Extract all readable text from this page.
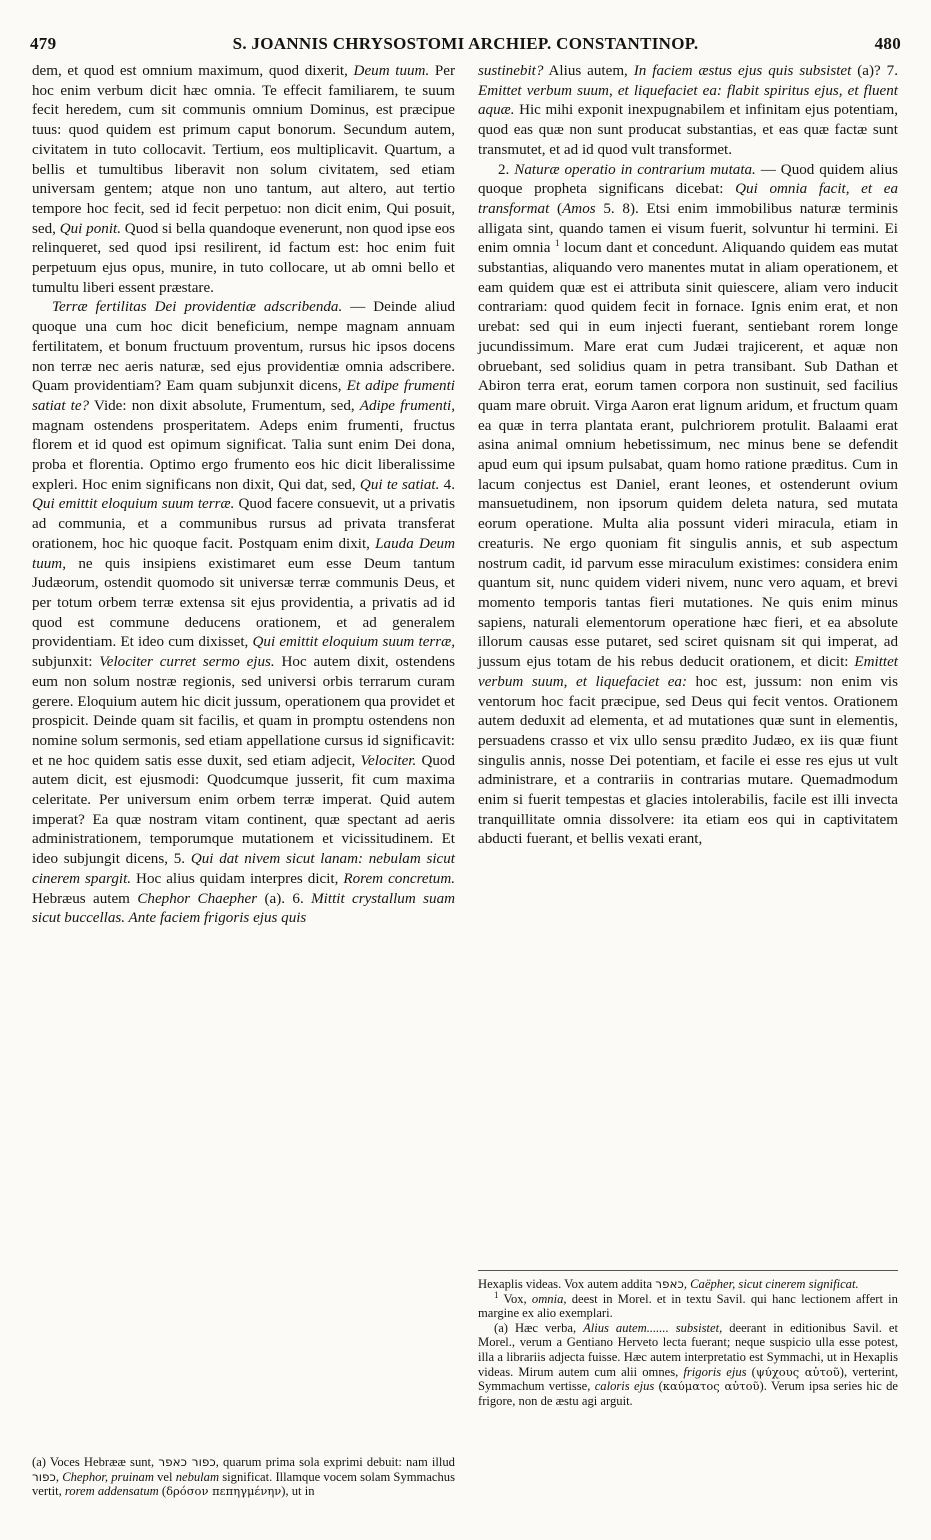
479	S. JOANNIS CHRYSOSTOMI ARCHIEP. CONSTANTINOP.	480

dem, et quod est omnium maximum, quod dixerit, Deum tuum. Per hoc enim verbum dicit hæc omnia. Te effecit familiarem, te suum fecit heredem, cum sit communis omnium Dominus, est præcipue tuus: quod quidem est primum caput bonorum. Secundum autem, civitatem in tuto collocavit. Tertium, eos multiplicavit. Quartum, a bellis et tumultibus liberavit non solum civitatem, sed etiam universam gentem; atque non uno tantum, aut altero, aut tertio tempore hoc fecit, sed id fecit perpetuo: non dicit enim, Qui posuit, sed, Qui ponit. Quod si bella quandoque evenerunt, non quod ipse eos relinqueret, sed quod ipsi resilirent, id factum est: hoc enim fuit perpetuum ejus opus, munire, in tuto collocare, ut ab omni bello et tumultu liberi essent præstare.

Terræ fertilitas Dei providentiæ adscribenda. — Deinde aliud quoque una cum hoc dicit beneficium, nempe magnam annuam fertilitatem, et bonum fructuum proventum, rursus hic ipsos docens non terræ nec aeris naturæ, sed ejus providentiæ omnia adscribere. Quam providentiam? Eam quam subjunxit dicens, Et adipe frumenti satiat te? Vide: non dixit absolute, Frumentum, sed, Adipe frumenti, magnam ostendens prosperitatem. Adeps enim frumenti, fructus florem et id quod est opimum significat. Talia sunt enim Dei dona, proba et florentia. Optimo ergo frumento eos hic dicit liberalissime expleri. Hoc enim significans non dixit, Qui dat, sed, Qui te satiat. 4. Qui emittit eloquium suum terræ. Quod facere consuevit, ut a privatis ad communia, et a communibus rursus ad privata transferat orationem, hoc hic quoque facit. Postquam enim dixit, Lauda Deum tuum, ne quis insipiens existimaret eum esse Deum tantum Judæorum, ostendit quomodo sit universæ terræ communis Deus, et per totum orbem terræ extensa sit ejus providentia, a privatis ad id quod est commune deducens orationem, et ad generalem providentiam. Et ideo cum dixisset, Qui emittit eloquium suum terræ, subjunxit: Velociter curret sermo ejus. Hoc autem dixit, ostendens eum non solum nostræ regionis, sed universi orbis terrarum curam gerere. Eloquium autem hic dicit jussum, operationem qua providet et prospicit. Deinde quam sit facilis, et quam in promptu ostendens non nomine solum sermonis, sed etiam appellatione cursus id significavit: et ne hoc quidem satis esse duxit, sed etiam adjecit, Velociter. Quod autem dicit, est ejusmodi: Quodcumque jusserit, fit cum maxima celeritate. Per universum enim orbem terræ imperat. Quid autem imperat? Ea quæ nostram vitam continent, quæ spectant ad aeris administrationem, temporumque mutationem et vicissitudinem. Et ideo subjungit dicens, 5. Qui dat nivem sicut lanam: nebulam sicut cinerem spargit. Hoc alius quidam interpres dicit, Rorem concretum. Hebræus autem Chephor Chaepher (a). 6. Mittit crystallum suam sicut buccellas. Ante faciem frigoris ejus quis

(a) Voces Hebrææ sunt, כפור כאפר, quarum prima sola exprimi debuit: nam illud כפור, Chephor, pruinam vel nebulam significat. Illamque vocem solam Symmachus vertit, rorem addensatum (δρόσον πεπηγμένην), ut in

sustinebit? Alius autem, In faciem æstus ejus quis subsistet (a)? 7. Emittet verbum suum, et liquefaciet ea: flabit spiritus ejus, et fluent aquæ. Hic mihi exponit inexpugnabilem et infinitam ejus potentiam, quod eas quæ non sunt producat substantias, et eas quæ factæ sunt transmutet, et ad id quod vult transformet.

2. Naturæ operatio in contrarium mutata. — Quod quidem alius quoque propheta significans dicebat: Qui omnia facit, et ea transformat (Amos 5. 8). Etsi enim immobilibus naturæ terminis alligata sint, quando tamen ei visum fuerit, solvuntur hi termini. Ei enim omnia $^1$ locum dant et concedunt. Aliquando quidem eas mutat substantias, aliquando vero manentes mutat in aliam operationem, et eam quidem quæ est ei attributa sinit quiescere, aliam vero inducit contrariam: quod quidem fecit in fornace. Ignis enim erat, et non urebat: sed qui in eum injecti fuerant, sentiebant rorem longe jucundissimum. Mare erat cum Judæi trajicerent, et aquæ non obruebant, sed solidius quam in petra transibant. Sub Dathan et Abiron terra erat, eorum tamen corpora non sustinuit, sed facilius quam mare obruit. Virga Aaron erat lignum aridum, et fructum quam ea quæ in terra plantata erant, pulchriorem protulit. Balaami erat asina animal omnium hebetissimum, nec minus bene se defendit apud eum qui ipsum pulsabat, quam homo ratione præditus. Cum in lacum conjectus est Daniel, erant leones, et ostenderunt ovium mansuetudinem, non ipsorum quidem deleta natura, sed mutata eorum operatione. Multa alia possunt videri miracula, etiam in creaturis. Ne ergo quoniam fit singulis annis, et sub aspectum nostrum cadit, id parvum esse miraculum existimes: considera enim quantum sit, nunc quidem videri nivem, nunc vero aquam, et brevi momento temporis tantas fieri mutationes. Ne quis enim minus sapiens, naturali elementorum operatione hæc fieri, et ea absolute illorum causas esse putaret, sed sciret quisnam sit qui imperat, ad jussum ejus totam de his rebus deducit orationem, et dicit: Emittet verbum suum, et liquefaciet ea: hoc est, jussum: non enim vis ventorum hoc facit præcipue, sed Deus qui fecit ventos. Orationem autem deduxit ad elementa, et ad mutationes quæ sunt in elementis, persuadens crasso et vix ullo sensu prædito Judæo, ex iis quæ fiunt singulis annis, nosse Dei potentiam, et facile ei esse res ejus ut vult administrare, et a contrariis in contrarias mutare. Quemadmodum enim si fuerit tempestas et glacies intolerabilis, facile est illi invecta tranquillitate omnia dissolvere: ita etiam eos qui in captivitatem abducti fuerant, et bellis vexati erant,

Hexaplis videas. Vox autem addita כאפר, Caëpher, sicut cinerem significat.

$^1$ Vox, omnia, deest in Morel. et in textu Savil. qui hanc lectionem affert in margine ex alio exemplari.

(a) Hæc verba, Alius autem....... subsistet, deerant in editionibus Savil. et Morel., verum a Gentiano Herveto lecta fuerant; neque suspicio ulla esse potest, illa a librariis adjecta fuisse. Hæc autem interpretatio est Symmachi, ut in Hexaplis videas. Mirum autem cum alii omnes, frigoris ejus (ψύχους αὐτοῦ), verterint, Symmachum vertisse, caloris ejus (καύματος αὐτοῦ). Verum ipsa series hic de frigore, non de æstu agi arguit.
